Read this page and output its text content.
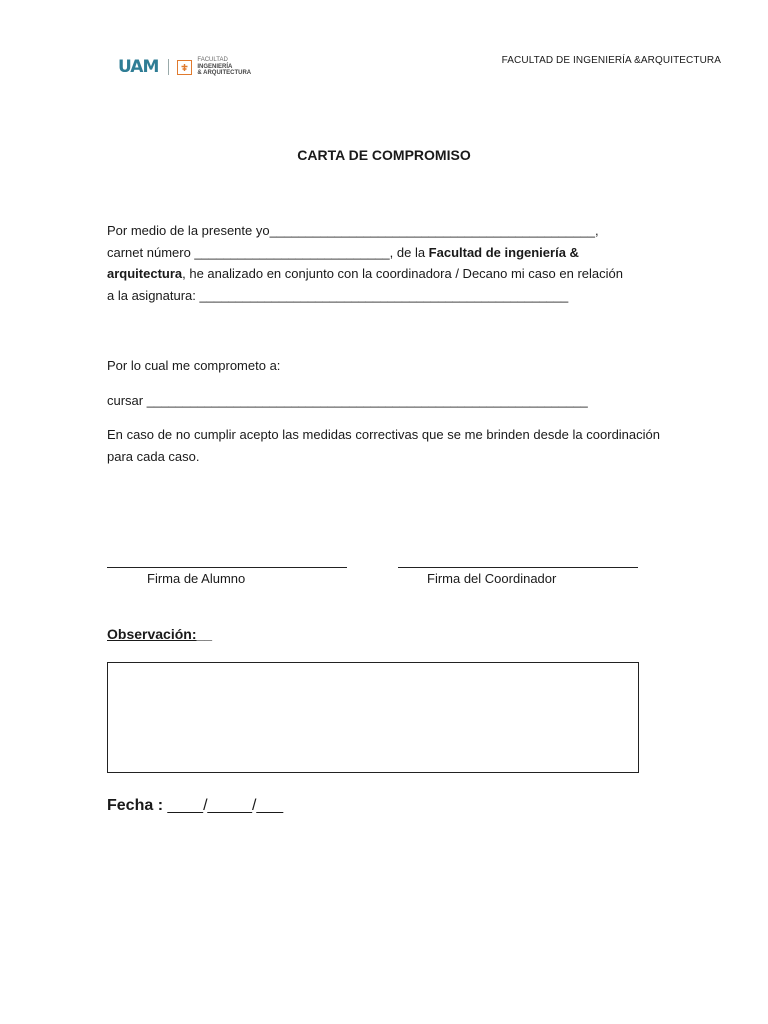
UAM	FACULTAD
INGENIERÍA
& ARQUITECTURA
FACULTAD DE INGENIERÍA &ARQUITECTURA
CARTA DE COMPROMISO
Por medio de la presente yo_____________________________________________,
carnet número ___________________________, de la Facultad de ingeniería &
arquitectura, he analizado en conjunto con la coordinadora / Decano mi caso en relación
a la asignatura: ___________________________________________________
Por lo cual me comprometo a:
cursar _____________________________________________________________
En caso de no cumplir acepto las medidas correctivas que se me brinden desde la coordinación para cada caso.
Firma de Alumno	Firma del Coordinador
Observación:__
Fecha : ____/_____/___
